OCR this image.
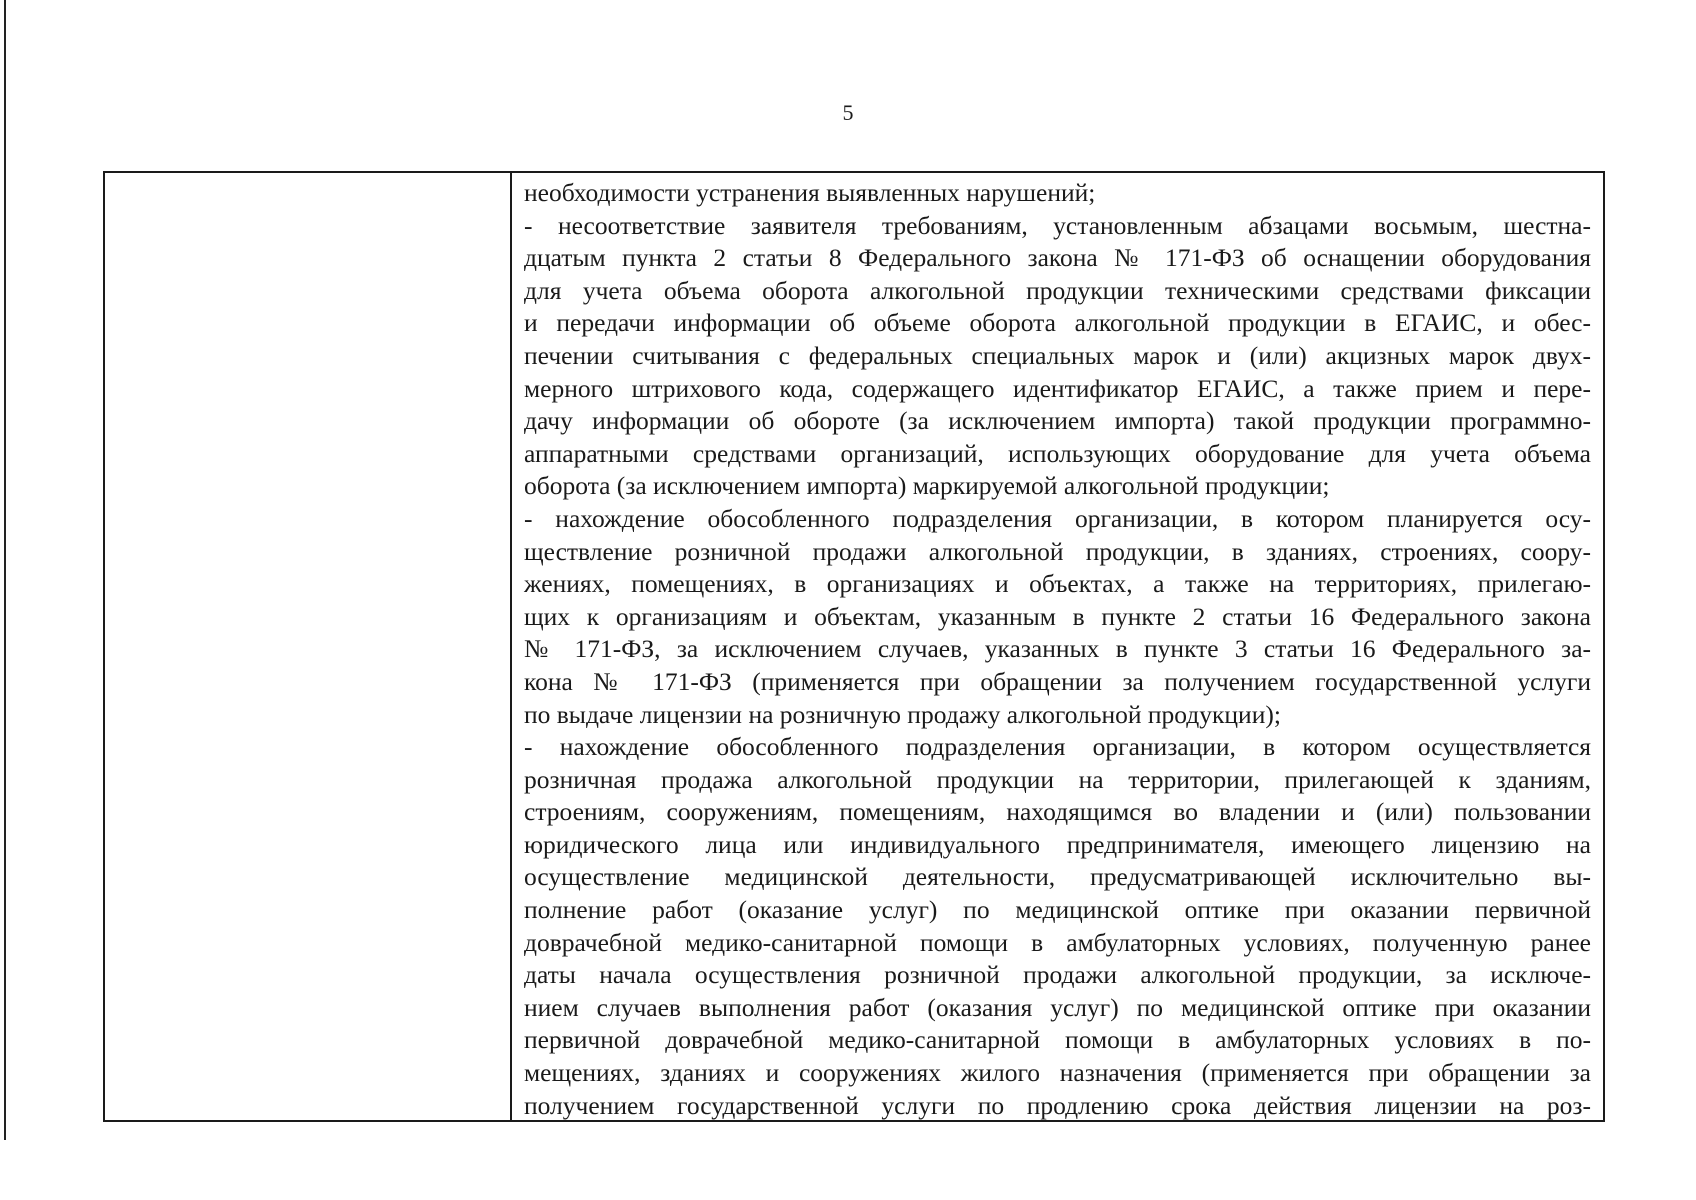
5
необходимости устранения выявленных нарушений;
- несоответствие заявителя требованиям, установленным абзацами восьмым, шестна-
дцатым пункта 2 статьи 8 Федерального закона № 171-ФЗ об оснащении оборудования
для учета объема оборота алкогольной продукции техническими средствами фиксации
и передачи информации об объеме оборота алкогольной продукции в ЕГАИС, и обес-
печении считывания с федеральных специальных марок и (или) акцизных марок двух-
мерного штрихового кода, содержащего идентификатор ЕГАИС, а также прием и пере-
дачу информации об обороте (за исключением импорта) такой продукции программно-
аппаратными средствами организаций, использующих оборудование для учета объема
оборота (за исключением импорта) маркируемой алкогольной продукции;
- нахождение обособленного подразделения организации, в котором планируется осу-
ществление розничной продажи алкогольной продукции, в зданиях, строениях, соору-
жениях, помещениях, в организациях и объектах, а также на территориях, прилегаю-
щих к организациям и объектам, указанным в пункте 2 статьи 16 Федерального закона
№ 171-ФЗ, за исключением случаев, указанных в пункте 3 статьи 16 Федерального за-
кона № 171-ФЗ (применяется при обращении за получением государственной услуги
по выдаче лицензии на розничную продажу алкогольной продукции);
- нахождение обособленного подразделения организации, в котором осуществляется
розничная продажа алкогольной продукции на территории, прилегающей к зданиям,
строениям, сооружениям, помещениям, находящимся во владении и (или) пользовании
юридического лица или индивидуального предпринимателя, имеющего лицензию на
осуществление медицинской деятельности, предусматривающей исключительно вы-
полнение работ (оказание услуг) по медицинской оптике при оказании первичной
доврачебной медико-санитарной помощи в амбулаторных условиях, полученную ранее
даты начала осуществления розничной продажи алкогольной продукции, за исключе-
нием случаев выполнения работ (оказания услуг) по медицинской оптике при оказании
первичной доврачебной медико-санитарной помощи в амбулаторных условиях в по-
мещениях, зданиях и сооружениях жилого назначения (применяется при обращении за
получением государственной услуги по продлению срока действия лицензии на роз-
